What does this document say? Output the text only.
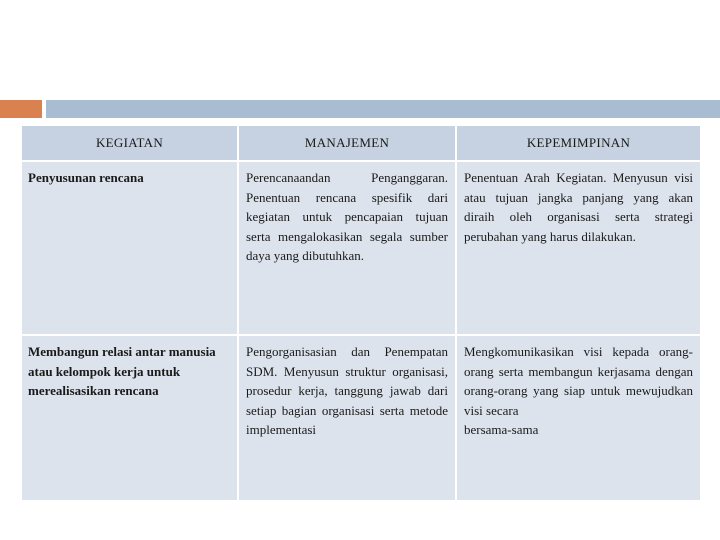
KEGIATAN	MANAJEMEN	KEPEMIMPINAN
Penyusunan rencana	Perencanaandan Penganggaran. Penentuan rencana spesifik dari kegiatan untuk pencapaian tujuan serta mengalokasikan segala sumber daya yang dibutuhkan.	Penentuan Arah Kegiatan. Menyusun visi atau tujuan jangka panjang yang akan diraih oleh organisasi serta strategi perubahan yang harus dilakukan.
Membangun relasi antar manusia atau kelompok kerja untuk merealisasikan rencana	Pengorganisasian dan Penempatan SDM. Menyusun struktur organisasi, prosedur kerja, tanggung jawab dari setiap bagian organisasi serta metode implementasi	Mengkomunikasikan visi kepada orang-orang serta membangun kerjasama dengan orang-orang yang siap untuk mewujudkan visi secara
bersama-sama
